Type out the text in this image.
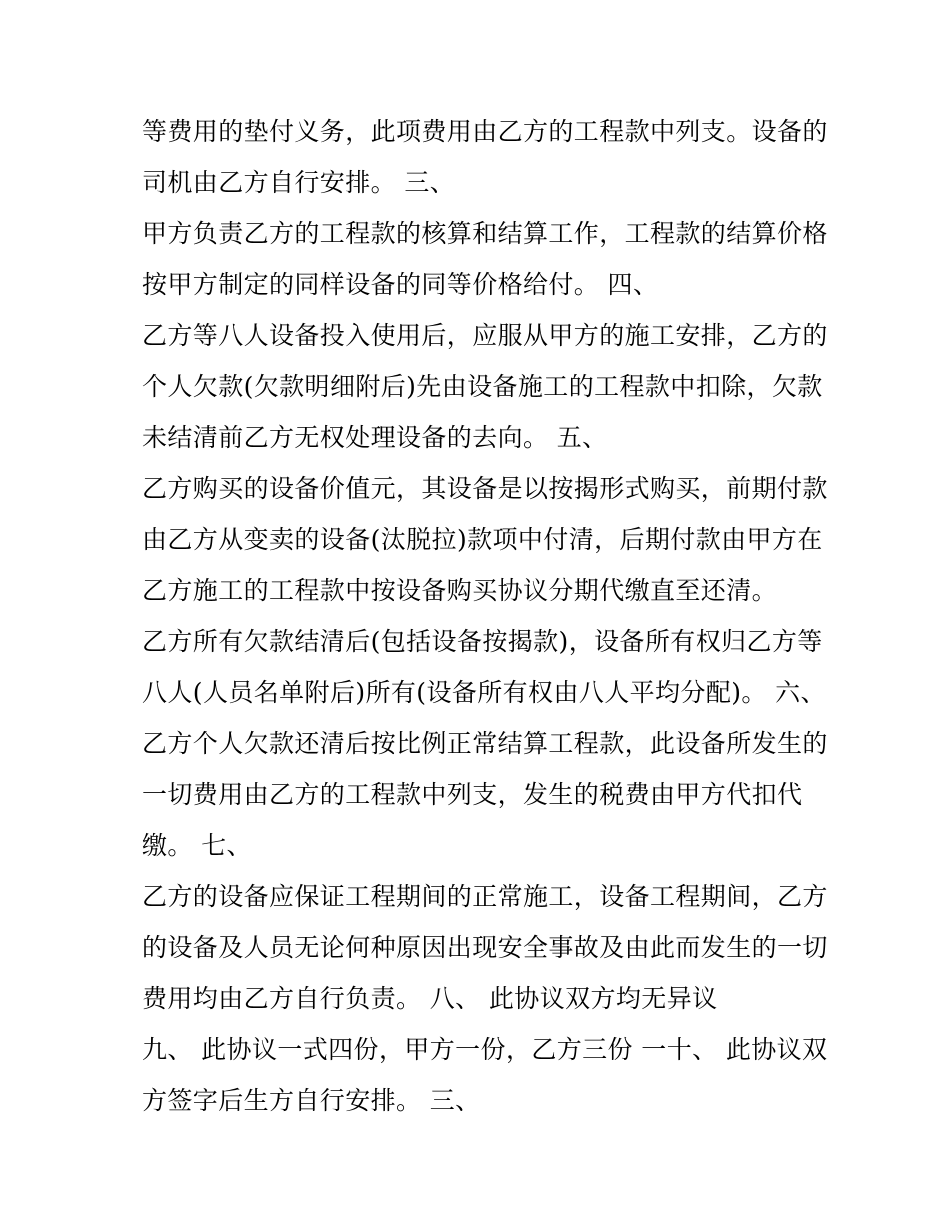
等费用的垫付义务，此项费用由乙方的工程款中列支。设备的
司机由乙方自行安排。 三、
甲方负责乙方的工程款的核算和结算工作，工程款的结算价格
按甲方制定的同样设备的同等价格给付。 四、
乙方等八人设备投入使用后，应服从甲方的施工安排，乙方的
个人欠款(欠款明细附后)先由设备施工的工程款中扣除，欠款
未结清前乙方无权处理设备的去向。 五、
乙方购买的设备价值元，其设备是以按揭形式购买，前期付款
由乙方从变卖的设备(汰脱拉)款项中付清，后期付款由甲方在
乙方施工的工程款中按设备购买协议分期代缴直至还清。
乙方所有欠款结清后(包括设备按揭款)，设备所有权归乙方等
八人(人员名单附后)所有(设备所有权由八人平均分配)。 六、
乙方个人欠款还清后按比例正常结算工程款，此设备所发生的
一切费用由乙方的工程款中列支，发生的税费由甲方代扣代
缴。 七、
乙方的设备应保证工程期间的正常施工，设备工程期间，乙方
的设备及人员无论何种原因出现安全事故及由此而发生的一切
费用均由乙方自行负责。 八、 此协议双方均无异议
九、 此协议一式四份，甲方一份，乙方三份 一十、 此协议双
方签字后生方自行安排。 三、
